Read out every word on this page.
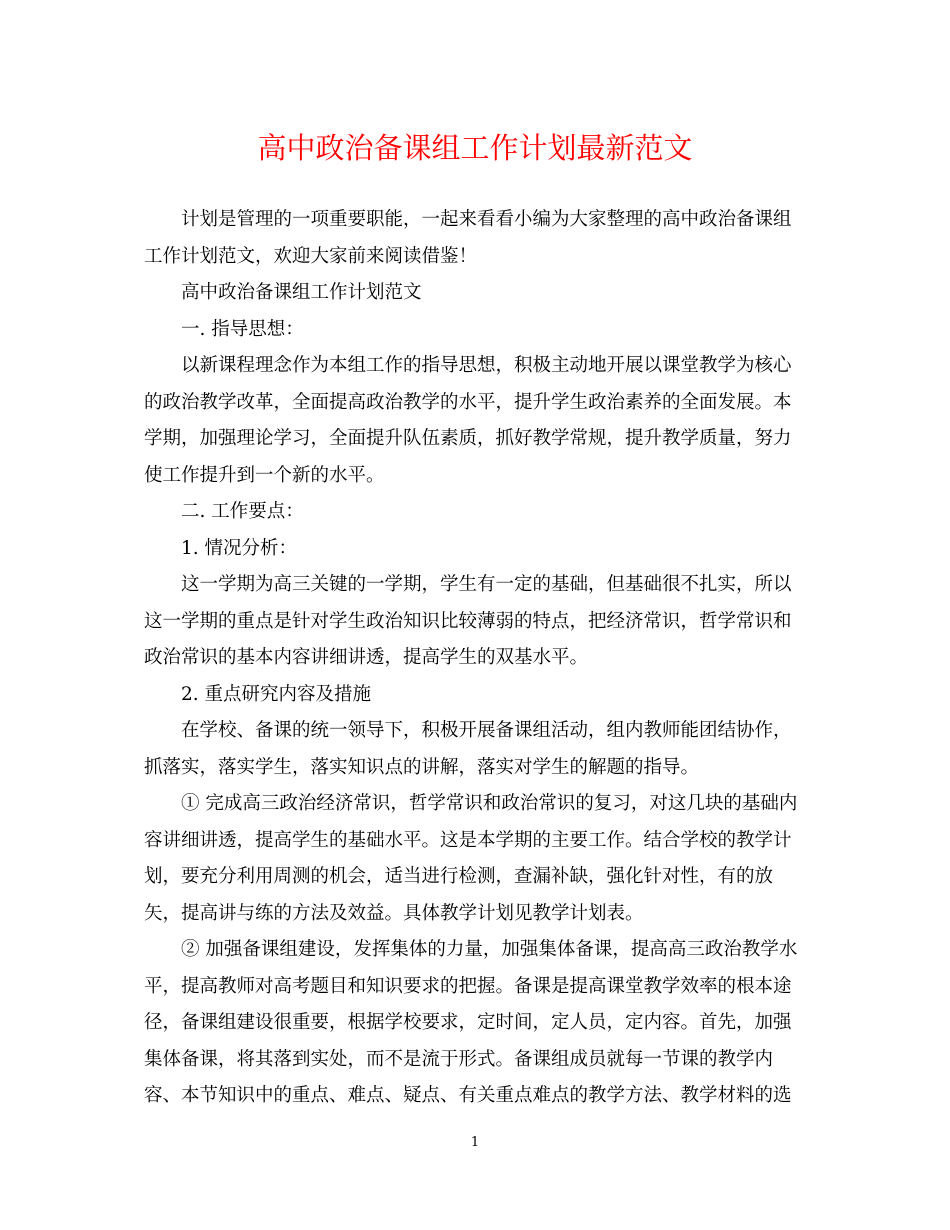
高中政治备课组工作计划最新范文
计划是管理的一项重要职能，一起来看看小编为大家整理的高中政治备课组
工作计划范文，欢迎大家前来阅读借鉴！
高中政治备课组工作计划范文
一. 指导思想：
以新课程理念作为本组工作的指导思想，积极主动地开展以课堂教学为核心
的政治教学改革，全面提高政治教学的水平，提升学生政治素养的全面发展。本
学期，加强理论学习，全面提升队伍素质，抓好教学常规，提升教学质量，努力
使工作提升到一个新的水平。
二. 工作要点：
1. 情况分析：
这一学期为高三关键的一学期，学生有一定的基础，但基础很不扎实，所以
这一学期的重点是针对学生政治知识比较薄弱的特点，把经济常识，哲学常识和
政治常识的基本内容讲细讲透，提高学生的双基水平。
2. 重点研究内容及措施
在学校、备课的统一领导下，积极开展备课组活动，组内教师能团结协作，
抓落实，落实学生，落实知识点的讲解，落实对学生的解题的指导。
① 完成高三政治经济常识，哲学常识和政治常识的复习，对这几块的基础内
容讲细讲透，提高学生的基础水平。这是本学期的主要工作。结合学校的教学计
划，要充分利用周测的机会，适当进行检测，查漏补缺，强化针对性，有的放
矢，提高讲与练的方法及效益。具体教学计划见教学计划表。
② 加强备课组建设，发挥集体的力量，加强集体备课，提高高三政治教学水
平，提高教师对高考题目和知识要求的把握。备课是提高课堂教学效率的根本途
径，备课组建设很重要，根据学校要求，定时间，定人员，定内容。首先，加强
集体备课，将其落到实处，而不是流于形式。备课组成员就每一节课的教学内
容、本节知识中的重点、难点、疑点、有关重点难点的教学方法、教学材料的选
1
